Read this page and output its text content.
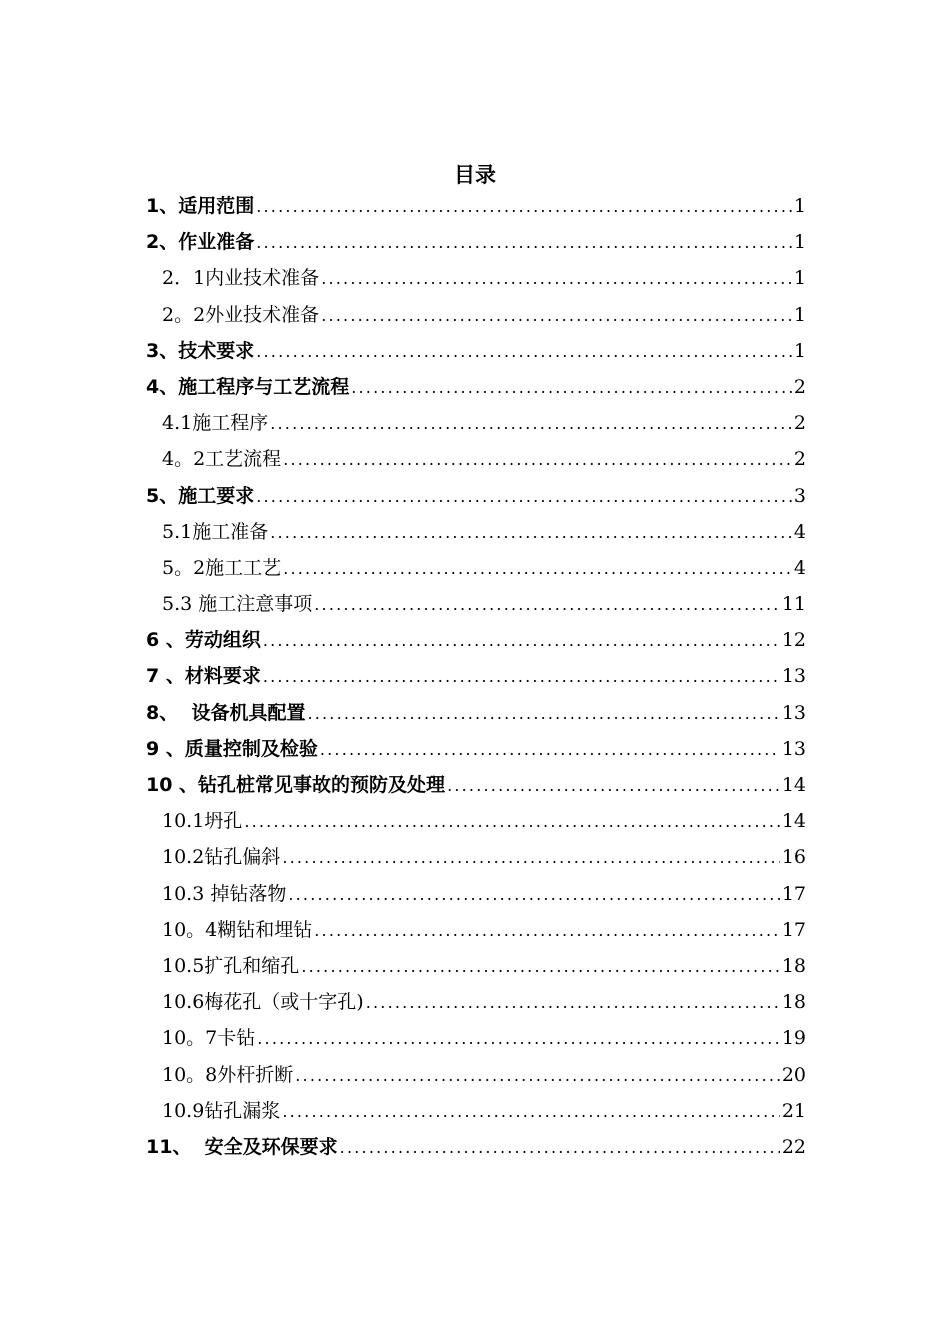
目录
1、适用范围 .....	1
2、作业准备 .....	1
2．1内业技术准备 .....	1
2。2外业技术准备 .....	1
3、技术要求 .....	1
4、施工程序与工艺流程 .....	2
4.1施工程序 .....	2
4。2工艺流程 .....	2
5、施工要求 .....	3
5.1施工准备 .....	4
5。2施工工艺 .....	4
5.3 施工注意事项 .....	11
6 、劳动组织 .....	12
7 、材料要求 .....	13
8、  设备机具配置 .....	13
9 、质量控制及检验 .....	13
10 、钻孔桩常见事故的预防及处理 .....	14
10.1坍孔 .....	14
10.2钻孔偏斜 .....	16
10.3 掉钻落物 .....	17
10。4糊钻和埋钻 .....	17
10.5扩孔和缩孔 .....	18
10.6梅花孔（或十字孔) .....	18
10。7卡钻 .....	19
10。8外杆折断 .....	20
10.9钻孔漏浆 .....	21
11、  安全及环保要求 .....	22
